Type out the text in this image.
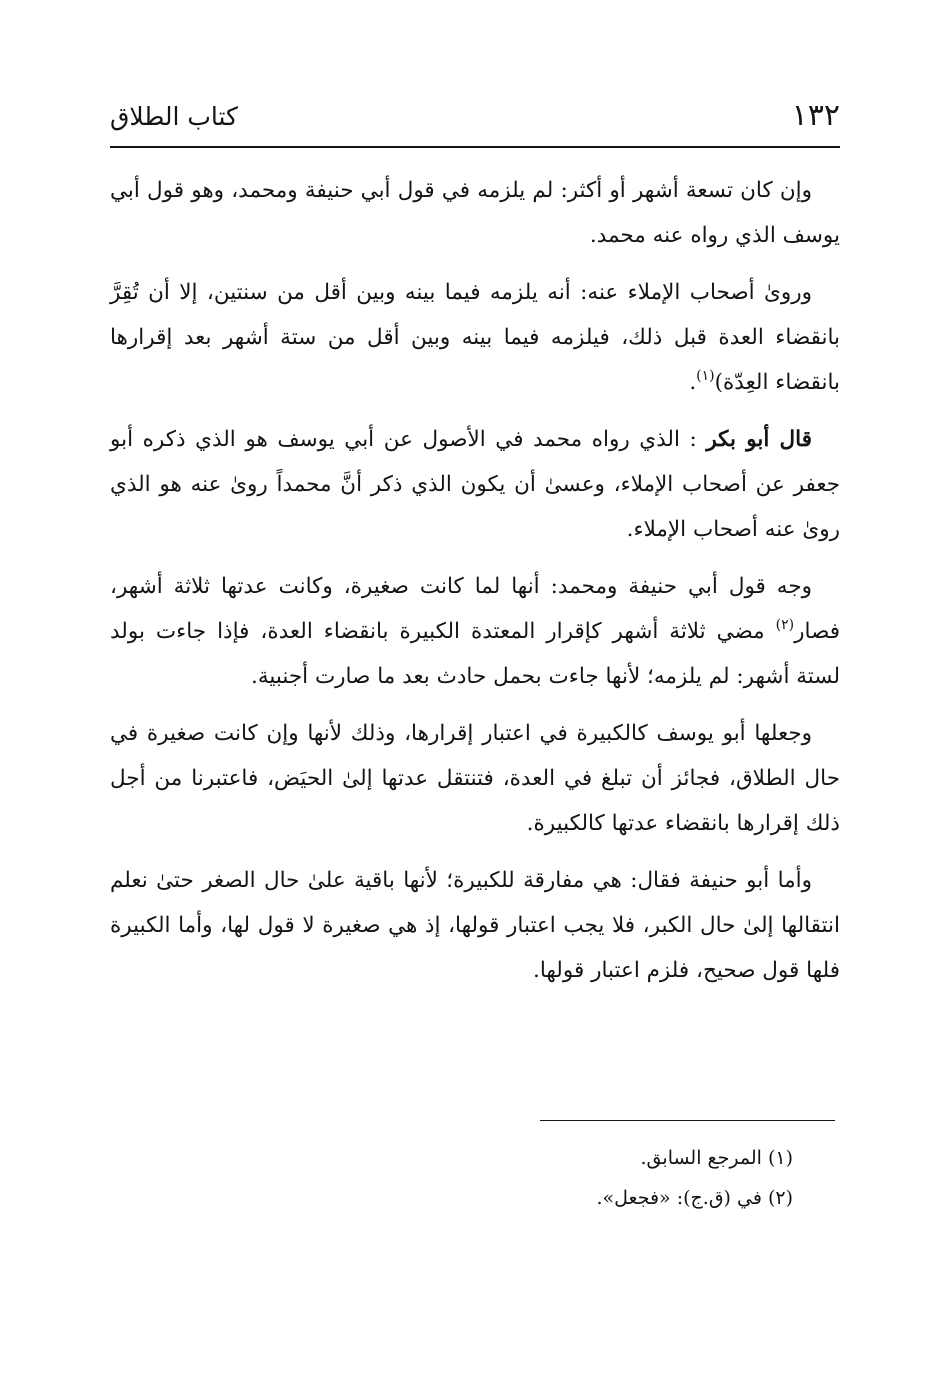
١٣٢
كتاب الطلاق

وإن كان تسعة أشهر أو أكثر: لم يلزمه في قول أبي حنيفة ومحمد، وهو قول أبي يوسف الذي رواه عنه محمد.

ورویٰ أصحاب الإملاء عنه: أنه يلزمه فيما بينه وبين أقل من سنتين، إلا أن تُقِرَّ بانقضاء العدة قبل ذلك، فيلزمه فيما بينه وبين أقل من ستة أشهر بعد إقرارها بانقضاء العِدّة)$^{(١)}$.

قال أبو بكر : الذي رواه محمد في الأصول عن أبي يوسف هو الذي ذكره أبو جعفر عن أصحاب الإملاء، وعسىٰ أن يكون الذي ذكر أنَّ محمداً روىٰ عنه هو الذي روىٰ عنه أصحاب الإملاء.

وجه قول أبي حنيفة ومحمد: أنها لما كانت صغيرة، وكانت عدتها ثلاثة أشهر، فصار$^{(٢)}$ مضي ثلاثة أشهر كإقرار المعتدة الكبيرة بانقضاء العدة، فإذا جاءت بولد لستة أشهر: لم يلزمه؛ لأنها جاءت بحمل حادث بعد ما صارت أجنبية.

وجعلها أبو يوسف كالكبيرة في اعتبار إقرارها، وذلك لأنها وإن كانت صغيرة في حال الطلاق، فجائز أن تبلغ في العدة، فتنتقل عدتها إلىٰ الحيَض، فاعتبرنا من أجل ذلك إقرارها بانقضاء عدتها كالكبيرة.

وأما أبو حنيفة فقال: هي مفارقة للكبيرة؛ لأنها باقية علىٰ حال الصغر حتىٰ نعلم انتقالها إلىٰ حال الكبر، فلا يجب اعتبار قولها، إذ هي صغيرة لا قول لها، وأما الكبيرة فلها قول صحيح، فلزم اعتبار قولها.

(١)المرجع السابق.

(٢)في (ق.ج): «فجعل».
